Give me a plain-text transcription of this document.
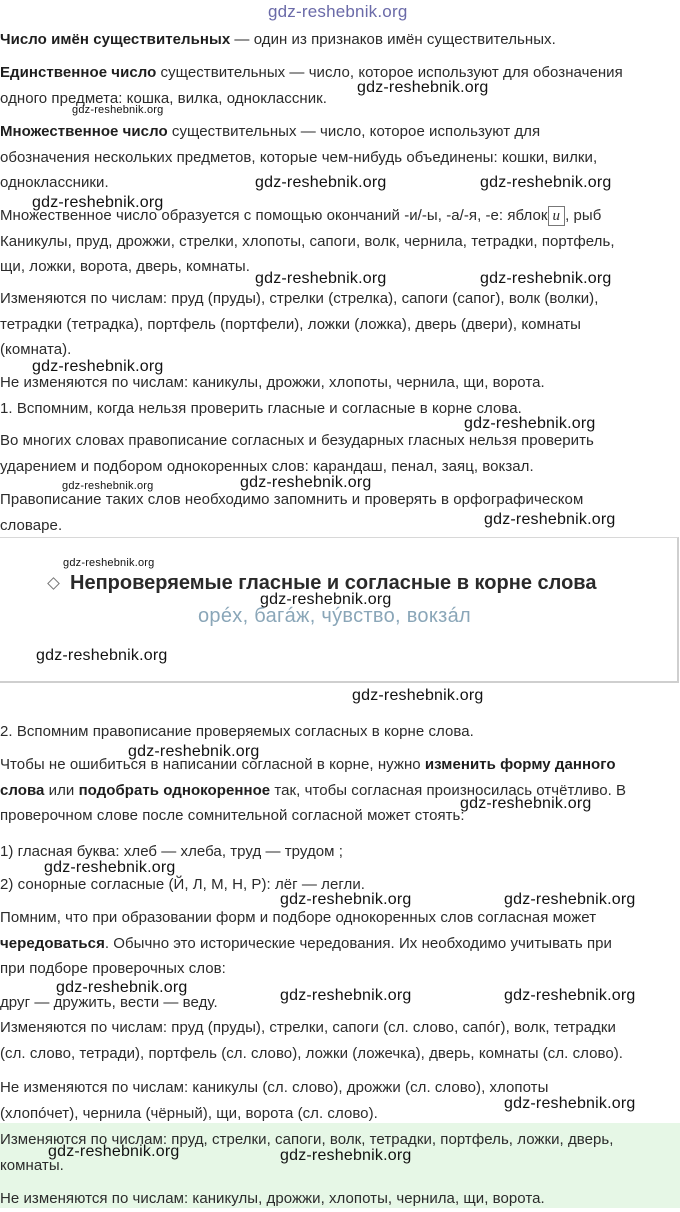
gdz-reshebnik.org
Число имён существительных — один из признаков имён существительных.
Единственное число существительных — число, которое используют для обозначения
одного предмета: кошка, вилка, одноклассник.
Множественное число существительных — число, которое используют для
обозначения нескольких предметов, которые чем-нибудь объединены: кошки, вилки,
одноклассники.
Множественное число образуется с помощью окончаний -и/-ы, -а/-я, -е: яблок и , рыб
Каникулы, пруд, дрожжи, стрелки, хлопоты, сапоги, волк, чернила, тетрадки, портфель,
щи, ложки, ворота, дверь, комнаты.
Изменяются по числам: пруд (пруды), стрелки (стрелка), сапоги (сапог), волк (волки),
тетрадки (тетрадка), портфель (портфели), ложки (ложка), дверь (двери), комнаты
(комната).
Не изменяются по числам: каникулы, дрожжи, хлопоты, чернила, щи, ворота.
1. Вспомним, когда нельзя проверить гласные и согласные в корне слова.
Во многих словах правописание согласных и безударных гласных нельзя проверить
ударением и подбором однокоренных слов: карандаш, пенал, заяц, вокзал.
Правописание таких слов необходимо запомнить и проверять в орфографическом
словаре.
Непроверяемые гласные и согласные в корне слова
орéх, багáж, чýвство, вокзáл
2. Вспомним правописание проверяемых согласных в корне слова.
Чтобы не ошибиться в написании согласной в корне, нужно изменить форму данного
слова или подобрать однокоренное так, чтобы согласная произносилась отчётливо. В
проверочном слове после сомнительной согласной может стоять:
1) гласная буква: хлеб — хлеба, труд — трудом ;
2) сонорные согласные (Й, Л, М, Н, Р): лёг — легли.
Помним, что при образовании форм и подборе однокоренных слов согласная может
чередоваться. Обычно это исторические чередования. Их необходимо учитывать при
при подборе проверочных слов:
друг — дружить, вести — веду.
Изменяются по числам: пруд (пруды), стрелки, сапоги (сл. слово, сапóг), волк, тетрадки
(сл. слово, тетради), портфель (сл. слово), ложки (ложечка), дверь, комнаты (сл. слово).
Не изменяются по числам: каникулы (сл. слово), дрожжи (сл. слово), хлопоты
(хлопóчет), чернила (чёрный), щи, ворота (сл. слово).
Изменяются по числам: пруд, стрелки, сапоги, волк, тетрадки, портфель, ложки, дверь,
комнаты.
Не изменяются по числам: каникулы, дрожжи, хлопоты, чернила, щи, ворота.
gdz-reshebnik.org
gdz-reshebnik.org
gdz-reshebnik.org	gdz-reshebnik.org
gdz-reshebnik.org
gdz-reshebnik.org	gdz-reshebnik.org
gdz-reshebnik.org
gdz-reshebnik.org
gdz-reshebnik.org	gdz-reshebnik.org
gdz-reshebnik.org
gdz-reshebnik.org
gdz-reshebnik.org
gdz-reshebnik.org
gdz-reshebnik.org
gdz-reshebnik.org
gdz-reshebnik.org
gdz-reshebnik.org
gdz-reshebnik.org	gdz-reshebnik.org
gdz-reshebnik.org	gdz-reshebnik.org	gdz-reshebnik.org
gdz-reshebnik.org
gdz-reshebnik.org	gdz-reshebnik.org
